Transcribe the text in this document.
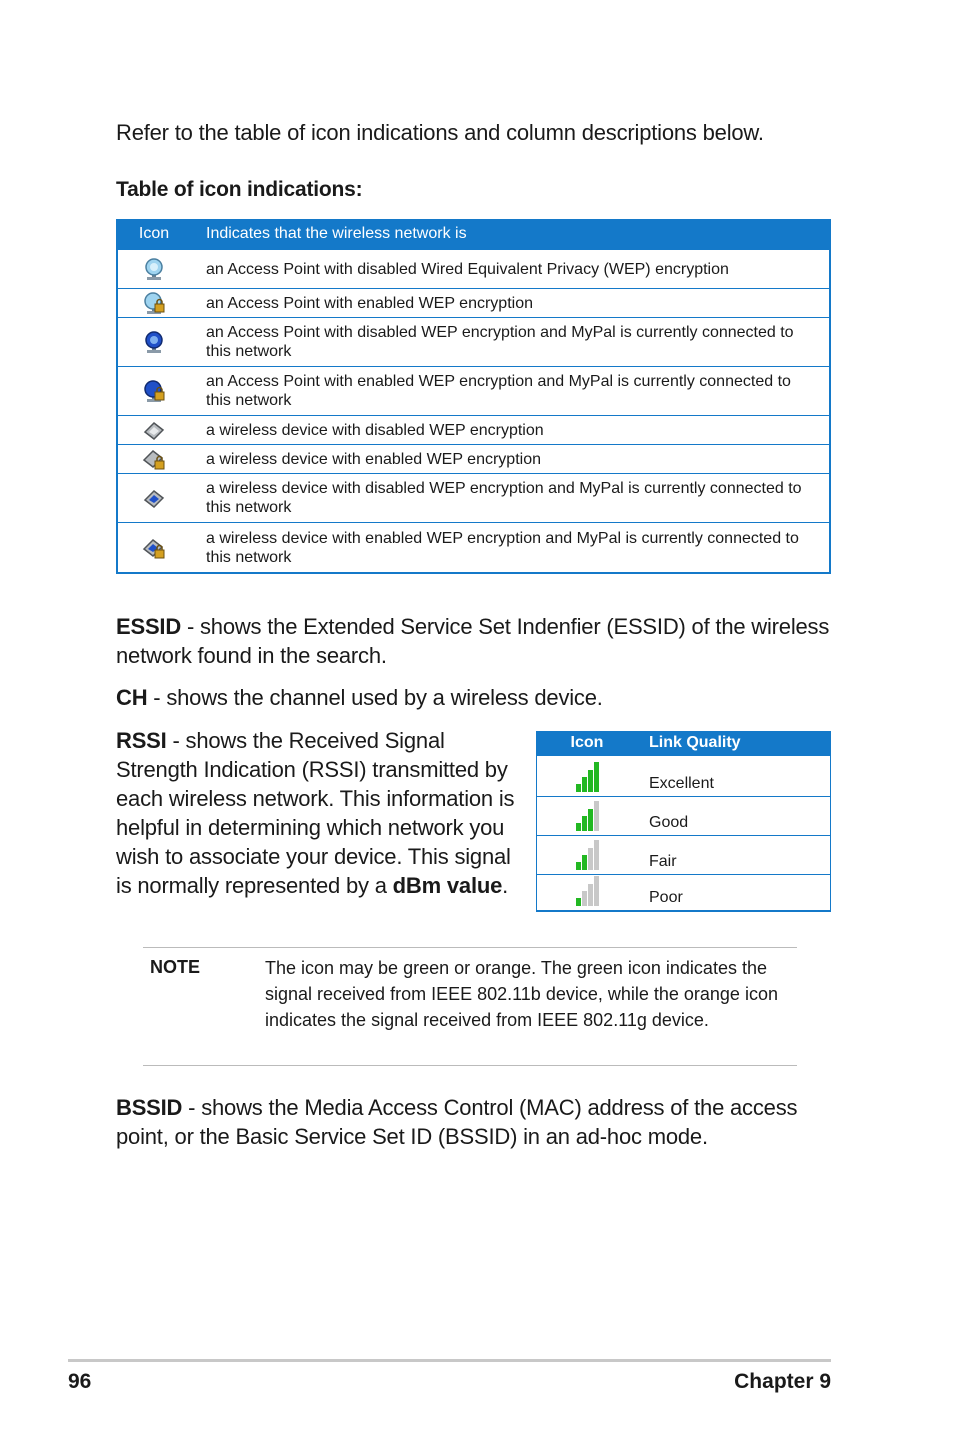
Refer to the table of icon indications and column descriptions below.
Table of icon indications:
Icon	Indicates that the wireless network is
an Access Point with disabled Wired Equivalent Privacy (WEP) encryption
an Access Point with enabled WEP encryption
an Access Point with disabled WEP encryption and MyPal is currently connected to this network
an Access Point with enabled WEP encryption and MyPal is currently connected to this network
a wireless device with disabled WEP encryption
a wireless device with enabled WEP encryption
a wireless device with disabled WEP encryption and MyPal is currently connected to this network
a wireless device with enabled WEP encryption and MyPal is currently connected to this network
ESSID - shows the Extended Service Set Indenfier (ESSID) of the wireless network found in the search.
CH - shows the channel used by a wireless device.
RSSI - shows the Received Signal Strength Indication (RSSI) transmitted by each wireless network. This information is helpful in determining which network you wish to associate your device. This signal is normally represented by a dBm value.
Icon	Link Quality
Excellent
Good
Fair
Poor
NOTE	The icon may be green or orange. The green icon indicates the signal received from IEEE 802.11b device, while the orange icon indicates the signal received from IEEE 802.11g device.
BSSID - shows the Media Access Control (MAC) address of the access point, or the Basic Service Set ID (BSSID) in an ad-hoc mode.
96	Chapter 9
